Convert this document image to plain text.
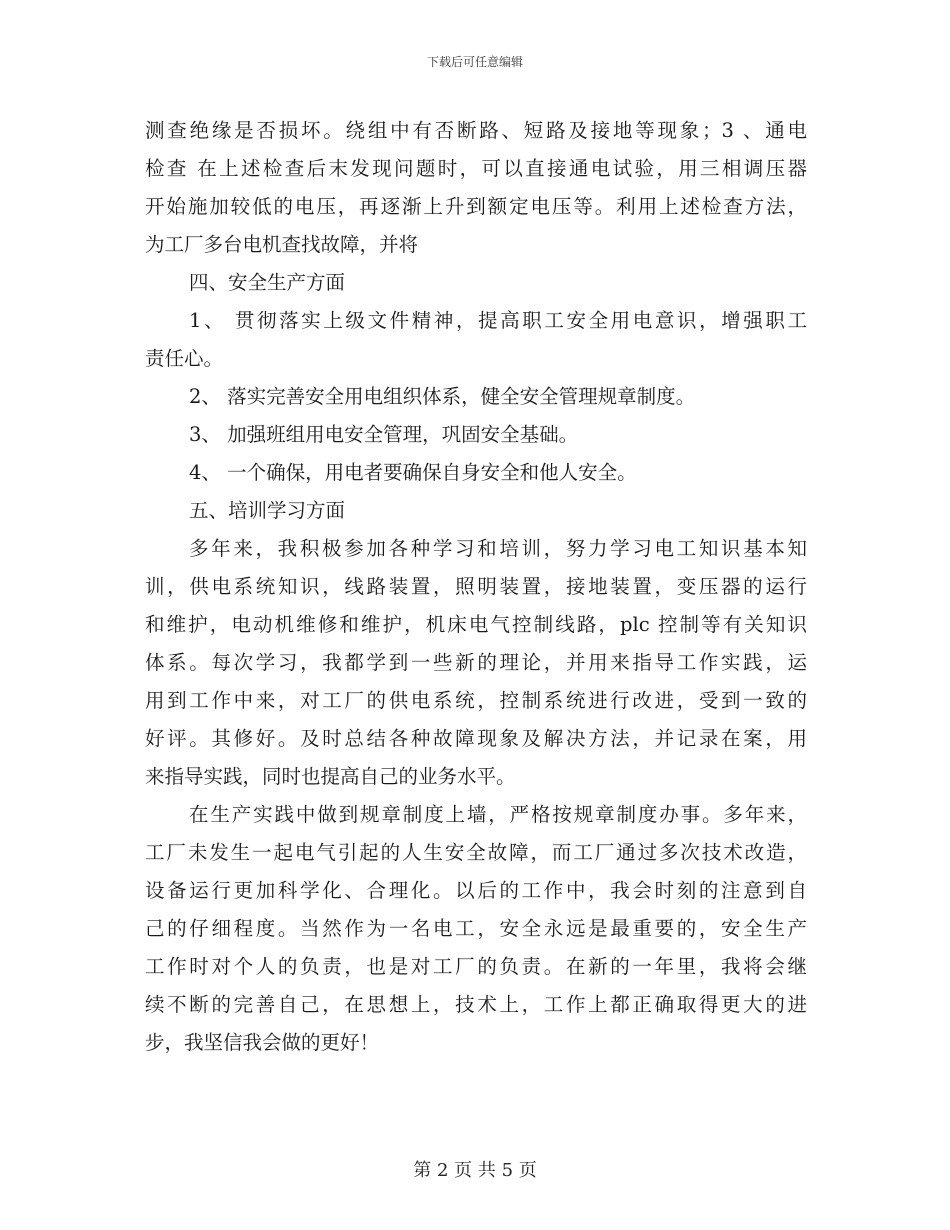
下载后可任意编辑
测查绝缘是否损坏。绕组中有否断路、短路及接地等现象；3 、通电
检查 在上述检查后末发现问题时，可以直接通电试验，用三相调压器
开始施加较低的电压，再逐渐上升到额定电压等。利用上述检查方法，
为工厂多台电机查找故障，并将
四、安全生产方面
1、 贯彻落实上级文件精神，提高职工安全用电意识，增强职工
责任心。
2、 落实完善安全用电组织体系，健全安全管理规章制度。
3、 加强班组用电安全管理，巩固安全基础。
4、 一个确保，用电者要确保自身安全和他人安全。
五、培训学习方面
多年来，我积极参加各种学习和培训，努力学习电工知识基本知
训，供电系统知识，线路装置，照明装置，接地装置，变压器的运行
和维护，电动机维修和维护，机床电气控制线路，plc 控制等有关知识
体系。每次学习，我都学到一些新的理论，并用来指导工作实践，运
用到工作中来，对工厂的供电系统，控制系统进行改进，受到一致的
好评。其修好。及时总结各种故障现象及解决方法，并记录在案，用
来指导实践，同时也提高自己的业务水平。
在生产实践中做到规章制度上墙，严格按规章制度办事。多年来，
工厂未发生一起电气引起的人生安全故障，而工厂通过多次技术改造，
设备运行更加科学化、合理化。以后的工作中，我会时刻的注意到自
己的仔细程度。当然作为一名电工，安全永远是最重要的，安全生产
工作时对个人的负责，也是对工厂的负责。在新的一年里，我将会继
续不断的完善自己，在思想上，技术上，工作上都正确取得更大的进
步，我坚信我会做的更好！
第 2 页 共 5 页
